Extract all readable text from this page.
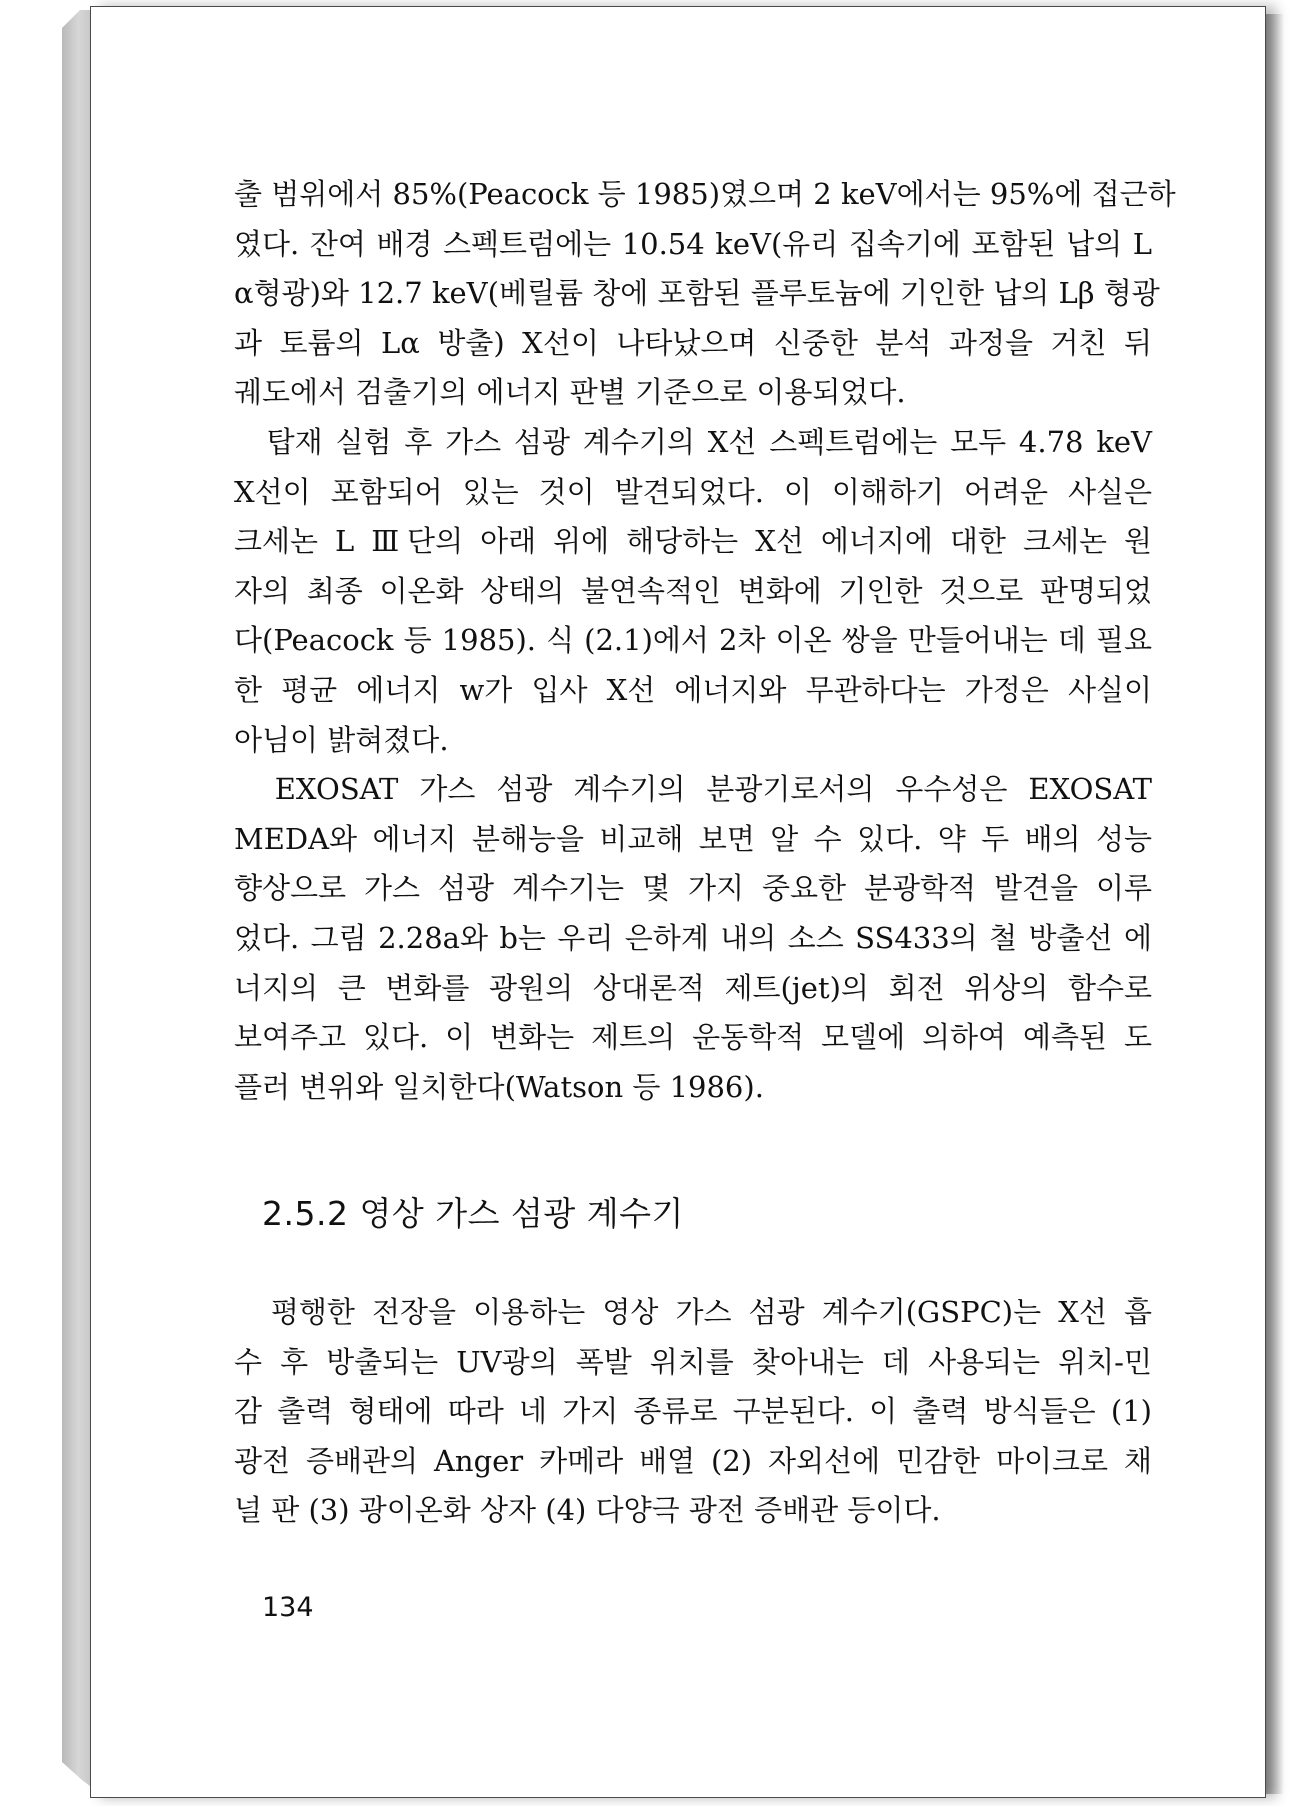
출 범위에서 85%(Peacock 등 1985)였으며 2 keV에서는 95%에 접근하
였다. 잔여 배경 스펙트럼에는 10.54 keV(유리 집속기에 포함된 납의 L
α형광)와 12.7 keV(베릴륨 창에 포함된 플루토늄에 기인한 납의 Lβ 형광
과 토륨의 Lα 방출) X선이 나타났으며 신중한 분석 과정을 거친 뒤
궤도에서 검출기의 에너지 판별 기준으로 이용되었다.

　탑재 실험 후 가스 섬광 계수기의 X선 스펙트럼에는 모두 4.78 keV
X선이 포함되어 있는 것이 발견되었다. 이 이해하기 어려운 사실은
크세논 L Ⅲ단의 아래 위에 해당하는 X선 에너지에 대한 크세논 원
자의 최종 이온화 상태의 불연속적인 변화에 기인한 것으로 판명되었
다(Peacock 등 1985). 식 (2.1)에서 2차 이온 쌍을 만들어내는 데 필요
한 평균 에너지 w가 입사 X선 에너지와 무관하다는 가정은 사실이
아님이 밝혀졌다.

　EXOSAT 가스 섬광 계수기의 분광기로서의 우수성은 EXOSAT
MEDA와 에너지 분해능을 비교해 보면 알 수 있다. 약 두 배의 성능
향상으로 가스 섬광 계수기는 몇 가지 중요한 분광학적 발견을 이루
었다. 그림 2.28a와 b는 우리 은하계 내의 소스 SS433의 철 방출선 에
너지의 큰 변화를 광원의 상대론적 제트(jet)의 회전 위상의 함수로
보여주고 있다. 이 변화는 제트의 운동학적 모델에 의하여 예측된 도
플러 변위와 일치한다(Watson 등 1986).

2.5.2 영상 가스 섬광 계수기

　평행한 전장을 이용하는 영상 가스 섬광 계수기(GSPC)는 X선 흡
수 후 방출되는 UV광의 폭발 위치를 찾아내는 데 사용되는 위치-민
감 출력 형태에 따라 네 가지 종류로 구분된다. 이 출력 방식들은 (1)
광전 증배관의 Anger 카메라 배열 (2) 자외선에 민감한 마이크로 채
널 판 (3) 광이온화 상자 (4) 다양극 광전 증배관 등이다.

134
